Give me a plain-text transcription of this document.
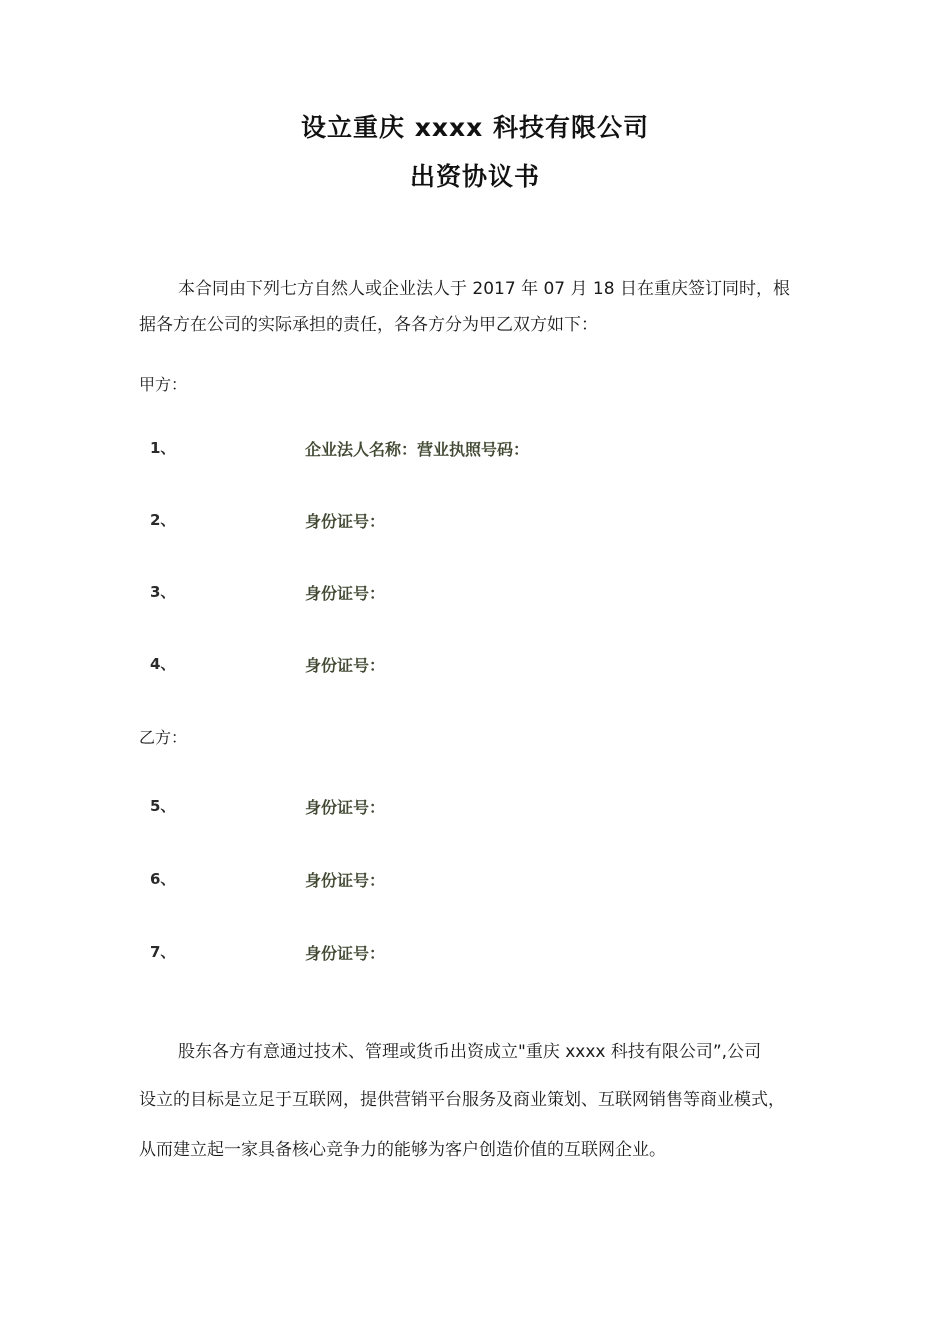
设立重庆 xxxx 科技有限公司
出资协议书
本合同由下列七方自然人或企业法人于 2017 年 07 月 18 日在重庆签订同时，根
据各方在公司的实际承担的责任，各各方分为甲乙双方如下：
甲方：
1、	企业法人名称：营业执照号码：
2、	身份证号：
3、	身份证号：
4、	身份证号：
乙方：
5、	身份证号：
6、	身份证号：
7、	身份证号：
股东各方有意通过技术、管理或货币出资成立"重庆 xxxx 科技有限公司”,公司
设立的目标是立足于互联网，提供营销平台服务及商业策划、互联网销售等商业模式，
从而建立起一家具备核心竞争力的能够为客户创造价值的互联网企业。
